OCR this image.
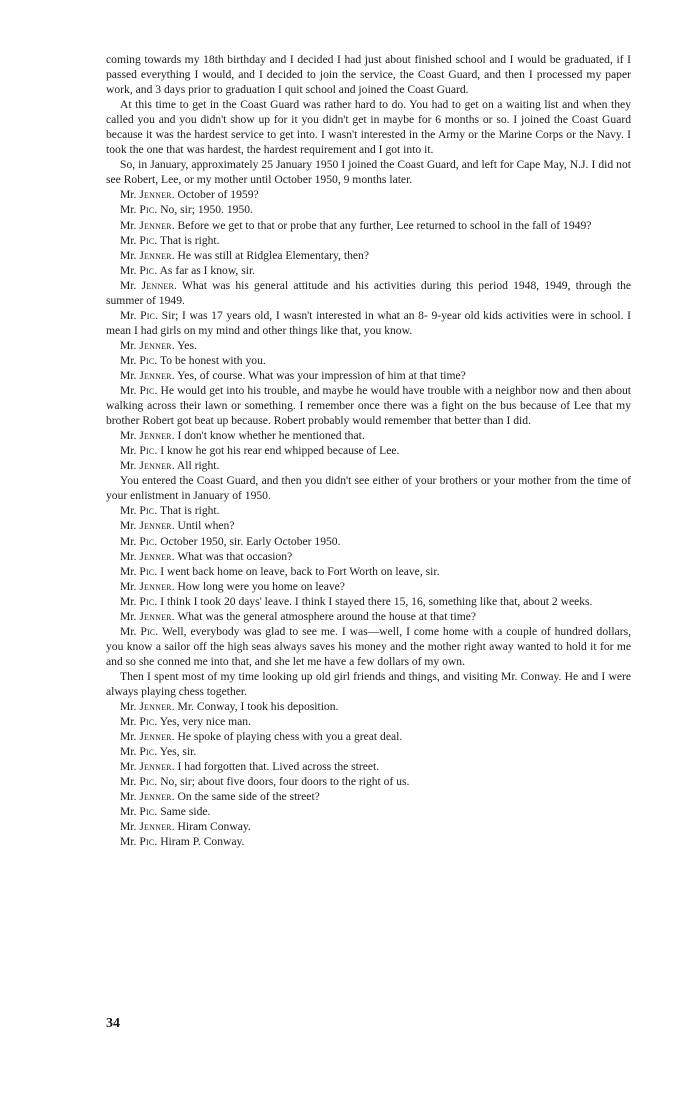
coming towards my 18th birthday and I decided I had just about finished school and I would be graduated, if I passed everything I would, and I decided to join the service, the Coast Guard, and then I processed my paper work, and 3 days prior to graduation I quit school and joined the Coast Guard.

At this time to get in the Coast Guard was rather hard to do. You had to get on a waiting list and when they called you and you didn't show up for it you didn't get in maybe for 6 months or so. I joined the Coast Guard because it was the hardest service to get into. I wasn't interested in the Army or the Marine Corps or the Navy. I took the one that was hardest, the hardest requirement and I got into it.

So, in January, approximately 25 January 1950 I joined the Coast Guard, and left for Cape May, N.J. I did not see Robert, Lee, or my mother until October 1950, 9 months later.

Mr. Jenner. October of 1959?

Mr. Pic. No, sir; 1950. 1950.

Mr. Jenner. Before we get to that or probe that any further, Lee returned to school in the fall of 1949?

Mr. Pic. That is right.

Mr. Jenner. He was still at Ridglea Elementary, then?

Mr. Pic. As far as I know, sir.

Mr. Jenner. What was his general attitude and his activities during this period 1948, 1949, through the summer of 1949.

Mr. Pic. Sir; I was 17 years old, I wasn't interested in what an 8- 9-year old kids activities were in school. I mean I had girls on my mind and other things like that, you know.

Mr. Jenner. Yes.

Mr. Pic. To be honest with you.

Mr. Jenner. Yes, of course. What was your impression of him at that time?

Mr. Pic. He would get into his trouble, and maybe he would have trouble with a neighbor now and then about walking across their lawn or something. I remember once there was a fight on the bus because of Lee that my brother Robert got beat up because. Robert probably would remember that better than I did.

Mr. Jenner. I don't know whether he mentioned that.

Mr. Pic. I know he got his rear end whipped because of Lee.

Mr. Jenner. All right.

You entered the Coast Guard, and then you didn't see either of your brothers or your mother from the time of your enlistment in January of 1950.

Mr. Pic. That is right.

Mr. Jenner. Until when?

Mr. Pic. October 1950, sir. Early October 1950.

Mr. Jenner. What was that occasion?

Mr. Pic. I went back home on leave, back to Fort Worth on leave, sir.

Mr. Jenner. How long were you home on leave?

Mr. Pic. I think I took 20 days' leave. I think I stayed there 15, 16, something like that, about 2 weeks.

Mr. Jenner. What was the general atmosphere around the house at that time?

Mr. Pic. Well, everybody was glad to see me. I was—well, I come home with a couple of hundred dollars, you know a sailor off the high seas always saves his money and the mother right away wanted to hold it for me and so she conned me into that, and she let me have a few dollars of my own.

Then I spent most of my time looking up old girl friends and things, and visiting Mr. Conway. He and I were always playing chess together.

Mr. Jenner. Mr. Conway, I took his deposition.

Mr. Pic. Yes, very nice man.

Mr. Jenner. He spoke of playing chess with you a great deal.

Mr. Pic. Yes, sir.

Mr. Jenner. I had forgotten that. Lived across the street.

Mr. Pic. No, sir; about five doors, four doors to the right of us.

Mr. Jenner. On the same side of the street?

Mr. Pic. Same side.

Mr. Jenner. Hiram Conway.

Mr. Pic. Hiram P. Conway.

34
